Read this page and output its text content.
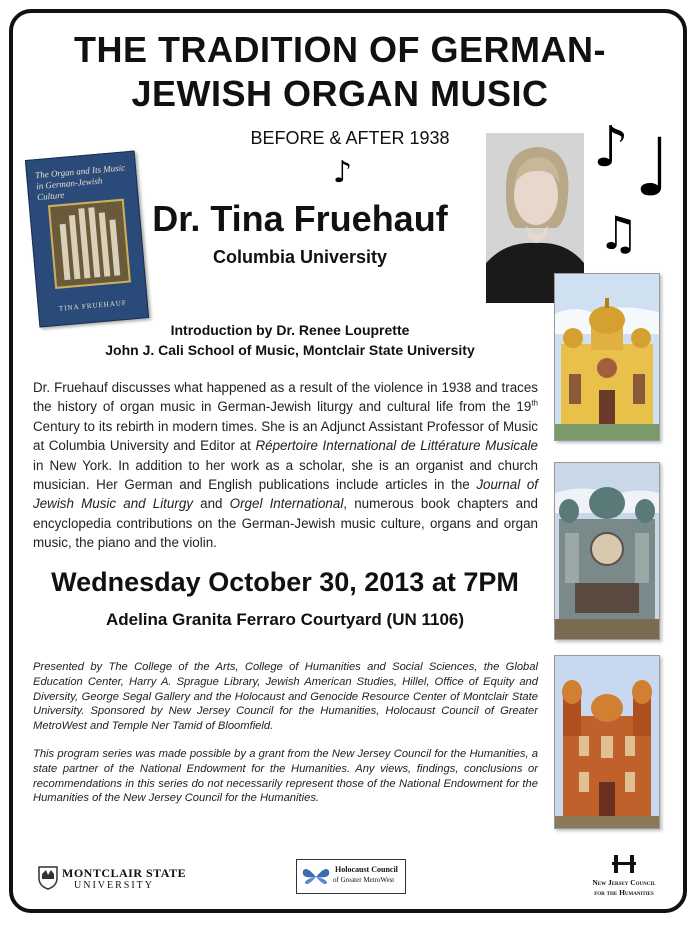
THE TRADITION OF GERMAN-JEWISH ORGAN MUSIC
BEFORE & AFTER 1938
♪	♪ ♩
♫
The Organ and Its Music in German-Jewish Culture
TINA FRUEHAUF
Dr. Tina Fruehauf
Columbia University
Introduction by Dr. Renee Louprette
John J. Cali School of Music, Montclair State University
Dr. Fruehauf discusses what happened as a result of the violence in 1938 and traces the history of organ music in German-Jewish liturgy and cultural life from the 19th Century to its rebirth in modern times. She is an Adjunct Assistant Professor of Music at Columbia University and Editor at Répertoire International de Littérature Musicale in New York. In addition to her work as a scholar, she is an organist and church musician. Her German and English publications include articles in the Journal of Jewish Music and Liturgy and Orgel International, numerous book chapters and encyclopedia contributions on the German-Jewish music culture, organs and organ music, the piano and the violin.
Wednesday October 30, 2013 at 7PM
Adelina Granita Ferraro Courtyard (UN 1106)
Presented by The College of the Arts, College of Humanities and Social Sciences, the Global Education Center, Harry A. Sprague Library, Jewish American Studies, Hillel, Office of Equity and Diversity, George Segal Gallery and the Holocaust and Genocide Resource Center of Montclair State University. Sponsored by New Jersey Council for the Humanities, Holocaust Council of Greater MetroWest and Temple Ner Tamid of Bloomfield.
This program series was made possible by a grant from the New Jersey Council for the Humanities, a state partner of the National Endowment for the Humanities. Any views, findings, conclusions or recommendations in this series do not necessarily represent those of the National Endowment for the Humanities of the New Jersey Council for the Humanities.
MONTCLAIR STATE
UNIVERSITY
Holocaust Council
of Greater MetroWest	New Jersey Council
for the Humanities
